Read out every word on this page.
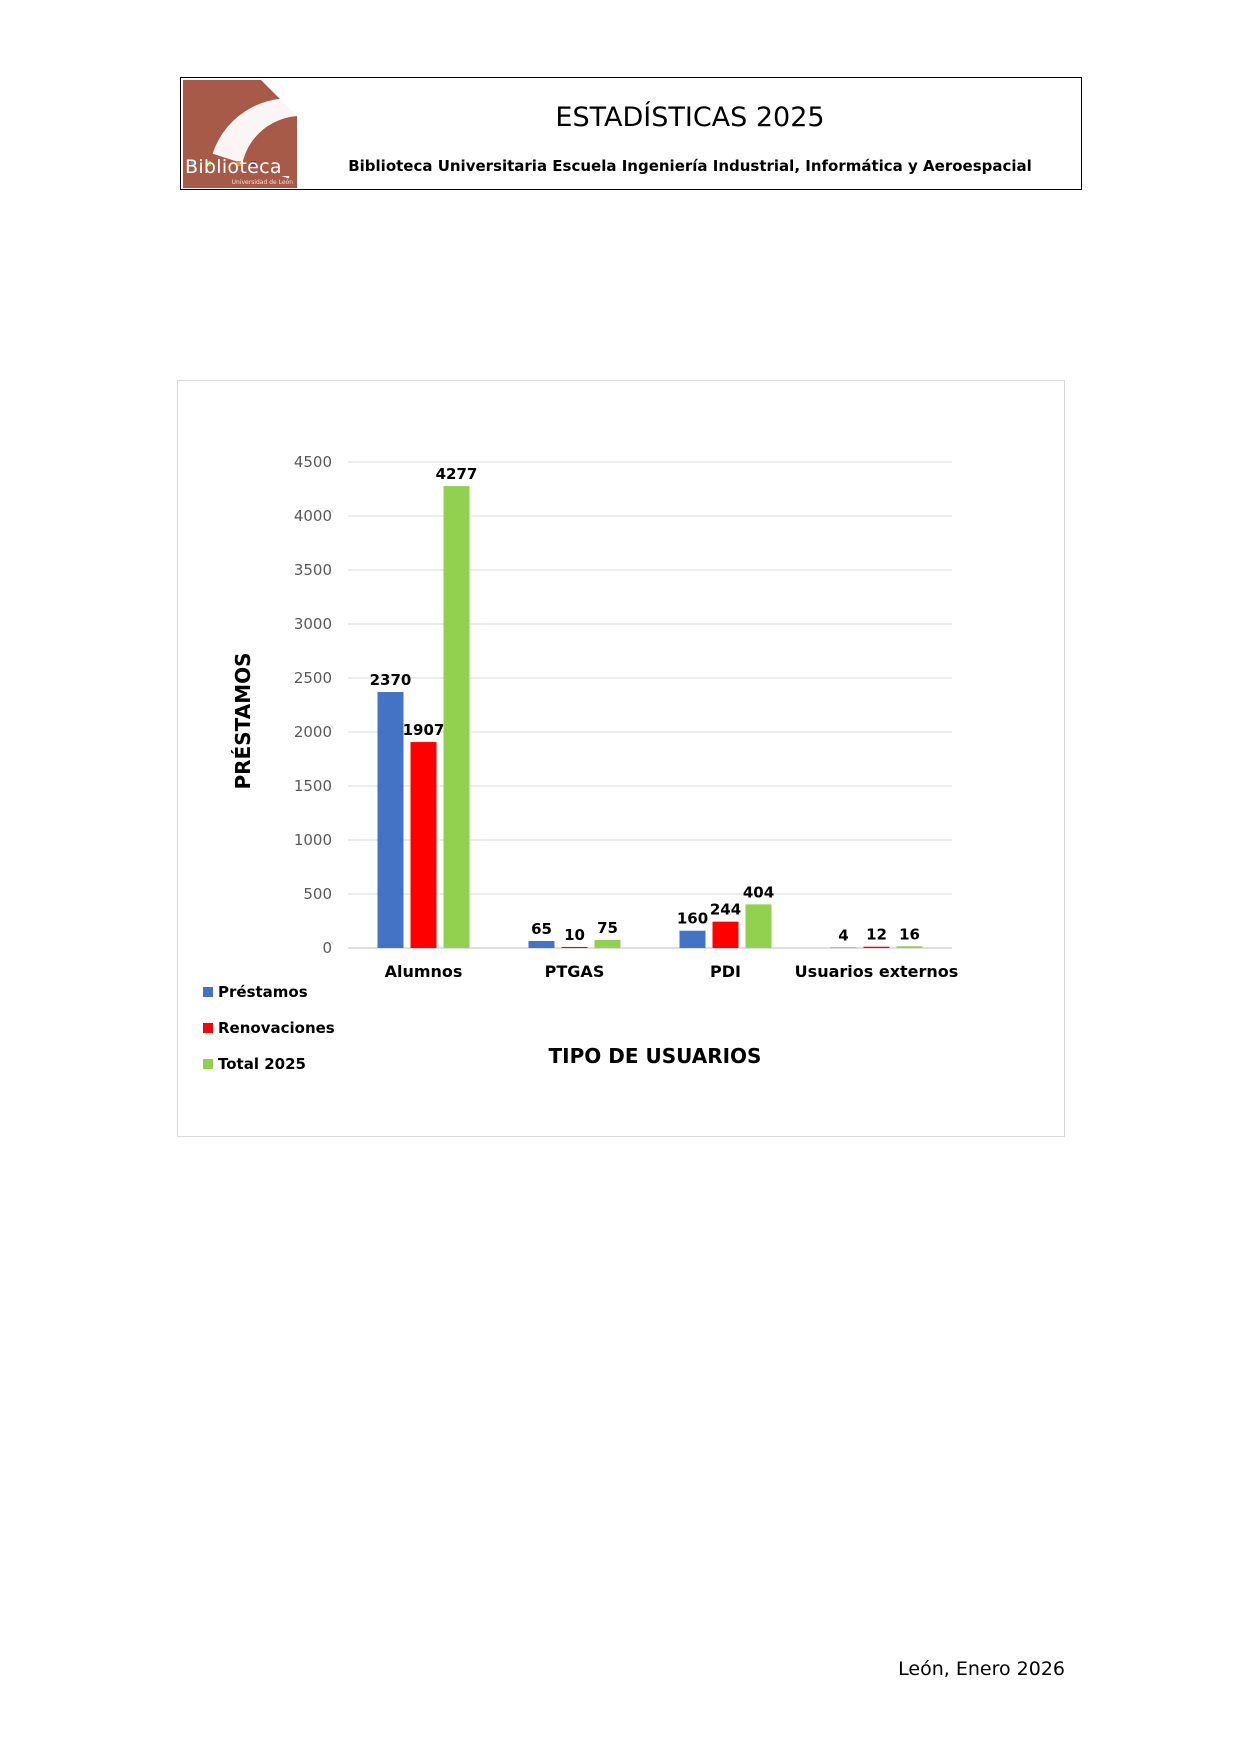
Biblioteca
Universidad de León
ESTADÍSTICAS 2025
Biblioteca Universitaria Escuela Ingeniería Industrial, Informática y Aeroespacial
0
500
1000
1500
2000
2500
3000
3500
4000
4500
2370
1907
4277
65 10 75
160
244
404
4 12 16
Alumnos	PTGAS	PDI	Usuarios externos
Préstamos
Renovaciones
Total 2025
PRÉSTAMOS
TIPO DE USUARIOS
León, Enero 2026
